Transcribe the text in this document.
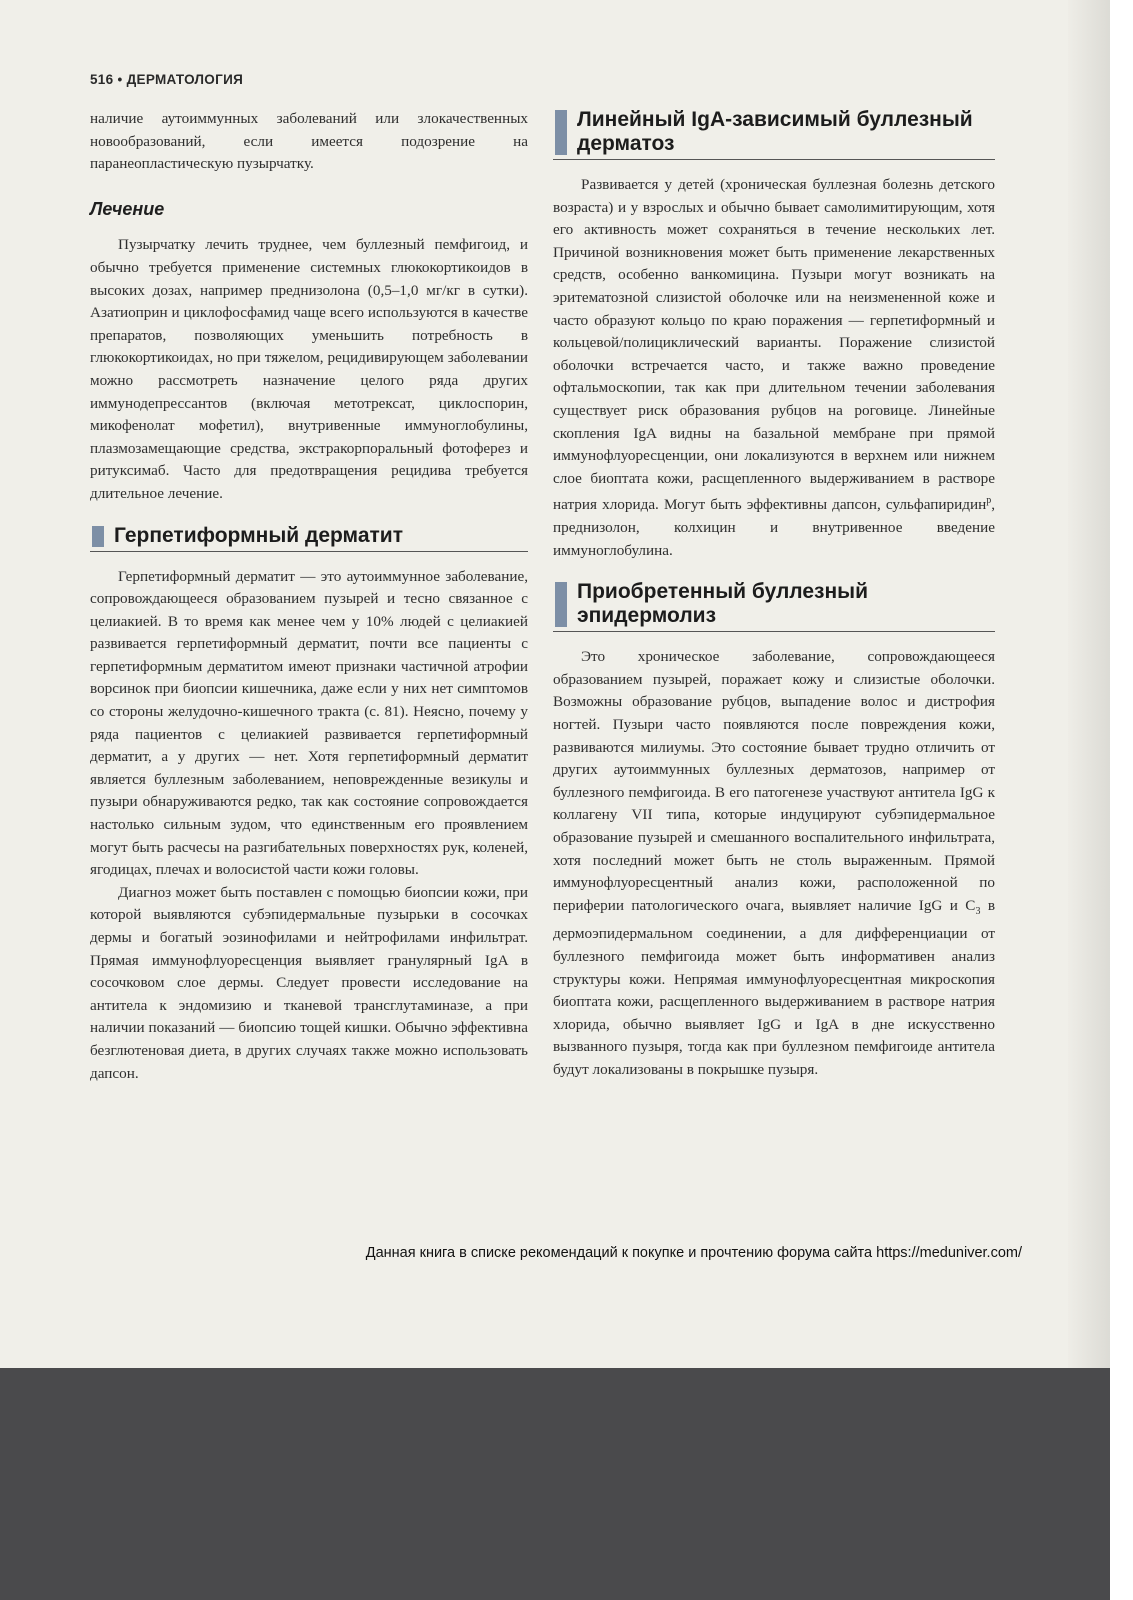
516 • ДЕРМАТОЛОГИЯ

наличие аутоиммунных заболеваний или злокачественных новообразований, если имеется подозрение на паранеопластическую пузырчатку.

Лечение

Пузырчатку лечить труднее, чем буллезный пемфигоид, и обычно требуется применение системных глюкокортикоидов в высоких дозах, например преднизолона (0,5–1,0 мг/кг в сутки). Азатиоприн и циклофосфамид чаще всего используются в качестве препаратов, позволяющих уменьшить потребность в глюкокортикоидах, но при тяжелом, рецидивирующем заболевании можно рассмотреть назначение целого ряда других иммунодепрессантов (включая метотрексат, циклоспорин, микофенолат мофетил), внутривенные иммуноглобулины, плазмозамещающие средства, экстракорпоральный фотоферез и ритуксимаб. Часто для предотвращения рецидива требуется длительное лечение.

Герпетиформный дерматит

Герпетиформный дерматит — это аутоиммунное заболевание, сопровождающееся образованием пузырей и тесно связанное с целиакией. В то время как менее чем у 10% людей с целиакией развивается герпетиформный дерматит, почти все пациенты с герпетиформным дерматитом имеют признаки частичной атрофии ворсинок при биопсии кишечника, даже если у них нет симптомов со стороны желудочно-кишечного тракта (с. 81). Неясно, почему у ряда пациентов с целиакией развивается герпетиформный дерматит, а у других — нет. Хотя герпетиформный дерматит является буллезным заболеванием, неповрежденные везикулы и пузыри обнаруживаются редко, так как состояние сопровождается настолько сильным зудом, что единственным его проявлением могут быть расчесы на разгибательных поверхностях рук, коленей, ягодицах, плечах и волосистой части кожи головы.

Диагноз может быть поставлен с помощью биопсии кожи, при которой выявляются субэпидермальные пузырьки в сосочках дермы и богатый эозинофилами и нейтрофилами инфильтрат. Прямая иммунофлуоресценция выявляет гранулярный IgA в сосочковом слое дермы. Следует провести исследование на антитела к эндомизию и тканевой трансглутаминазе, а при наличии показаний — биопсию тощей кишки. Обычно эффективна безглютеновая диета, в других случаях также можно использовать дапсон.

Линейный IgA-зависимый буллезный дерматоз

Развивается у детей (хроническая буллезная болезнь детского возраста) и у взрослых и обычно бывает самолимитирующим, хотя его активность может сохраняться в течение нескольких лет. Причиной возникновения может быть применение лекарственных средств, особенно ванкомицина. Пузыри могут возникать на эритематозной слизистой оболочке или на неизмененной коже и часто образуют кольцо по краю поражения — герпетиформный и кольцевой/полициклический варианты. Поражение слизистой оболочки встречается часто, и также важно проведение офтальмоскопии, так как при длительном течении заболевания существует риск образования рубцов на роговице. Линейные скопления IgA видны на базальной мембране при прямой иммунофлуоресценции, они локализуются в верхнем или нижнем слое биоптата кожи, расщепленного выдерживанием в растворе натрия хлорида. Могут быть эффективны дапсон, сульфапиридин$^р$, преднизолон, колхицин и внутривенное введение иммуноглобулина.

Приобретенный буллезный эпидермолиз

Это хроническое заболевание, сопровождающееся образованием пузырей, поражает кожу и слизистые оболочки. Возможны образование рубцов, выпадение волос и дистрофия ногтей. Пузыри часто появляются после повреждения кожи, развиваются милиумы. Это состояние бывает трудно отличить от других аутоиммунных буллезных дерматозов, например от буллезного пемфигоида. В его патогенезе участвуют антитела IgG к коллагену VII типа, которые индуцируют субэпидермальное образование пузырей и смешанного воспалительного инфильтрата, хотя последний может быть не столь выраженным. Прямой иммунофлуоресцентный анализ кожи, расположенной по периферии патологического очага, выявляет наличие IgG и $C_3$ в дермоэпидермальном соединении, а для дифференциации от буллезного пемфигоида может быть информативен анализ структуры кожи. Непрямая иммунофлуоресцентная микроскопия биоптата кожи, расщепленного выдерживанием в растворе натрия хлорида, обычно выявляет IgG и IgA в дне искусственно вызванного пузыря, тогда как при буллезном пемфигоиде антитела будут локализованы в покрышке пузыря.

Данная книга в списке рекомендаций к покупке и прочтению форума сайта https://meduniver.com/
